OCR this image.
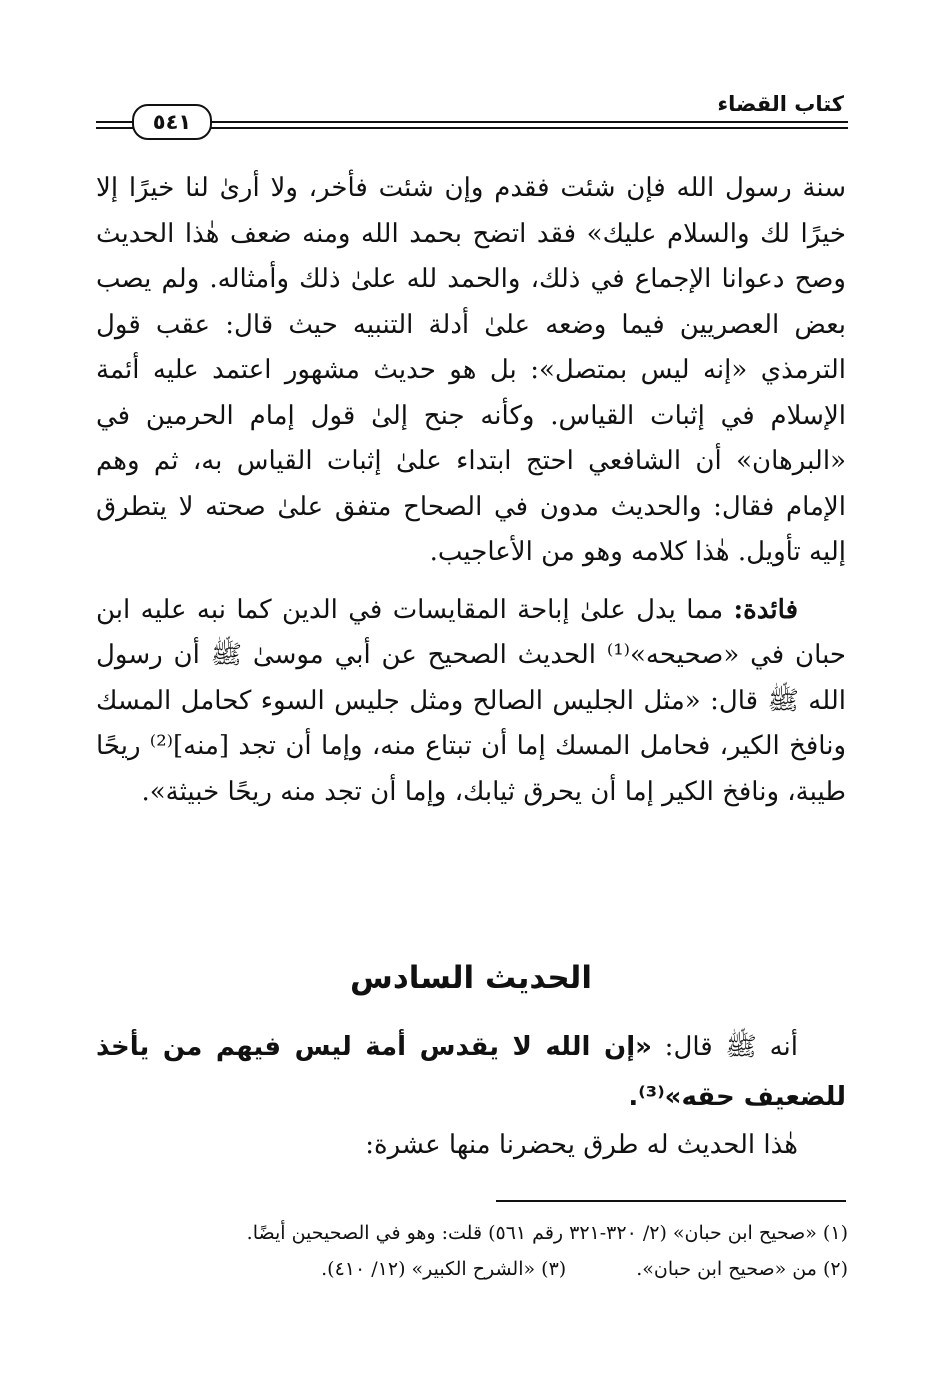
كتاب القضاء
٥٤١

سنة رسول الله فإن شئت فقدم وإن شئت فأخر، ولا أرىٰ لنا خيرًا إلا خيرًا لك والسلام عليك» فقد اتضح بحمد الله ومنه ضعف هٰذا الحديث وصح دعوانا الإجماع في ذلك، والحمد لله علىٰ ذلك وأمثاله. ولم يصب بعض العصريين فيما وضعه علىٰ أدلة التنبيه حيث قال: عقب قول الترمذي «إنه ليس بمتصل»: بل هو حديث مشهور اعتمد عليه أئمة الإسلام في إثبات القياس. وكأنه جنح إلىٰ قول إمام الحرمين في «البرهان» أن الشافعي احتج ابتداء علىٰ إثبات القياس به، ثم وهم الإمام فقال: والحديث مدون في الصحاح متفق علىٰ صحته لا يتطرق إليه تأويل. هٰذا كلامه وهو من الأعاجيب.

فائدة: مما يدل علىٰ إباحة المقايسات في الدين كما نبه عليه ابن حبان في «صحيحه»⁽¹⁾ الحديث الصحيح عن أبي موسىٰ ﷺ أن رسول الله ﷺ قال: «مثل الجليس الصالح ومثل جليس السوء كحامل المسك ونافخ الكير، فحامل المسك إما أن تبتاع منه، وإما أن تجد [منه]⁽²⁾ ريحًا طيبة، ونافخ الكير إما أن يحرق ثيابك، وإما أن تجد منه ريحًا خبيثة».

الحديث السادس

أنه ﷺ قال: «إن الله لا يقدس أمة ليس فيهم من يأخذ للضعيف حقه»⁽³⁾.

هٰذا الحديث له طرق يحضرنا منها عشرة:

(١) «صحيح ابن حبان» (٢/ ٣٢٠-٣٢١ رقم ٥٦١) قلت: وهو في الصحيحين أيضًا.

(٢) من «صحيح ابن حبان».

(٣) «الشرح الكبير» (١٢/ ٤١٠).
